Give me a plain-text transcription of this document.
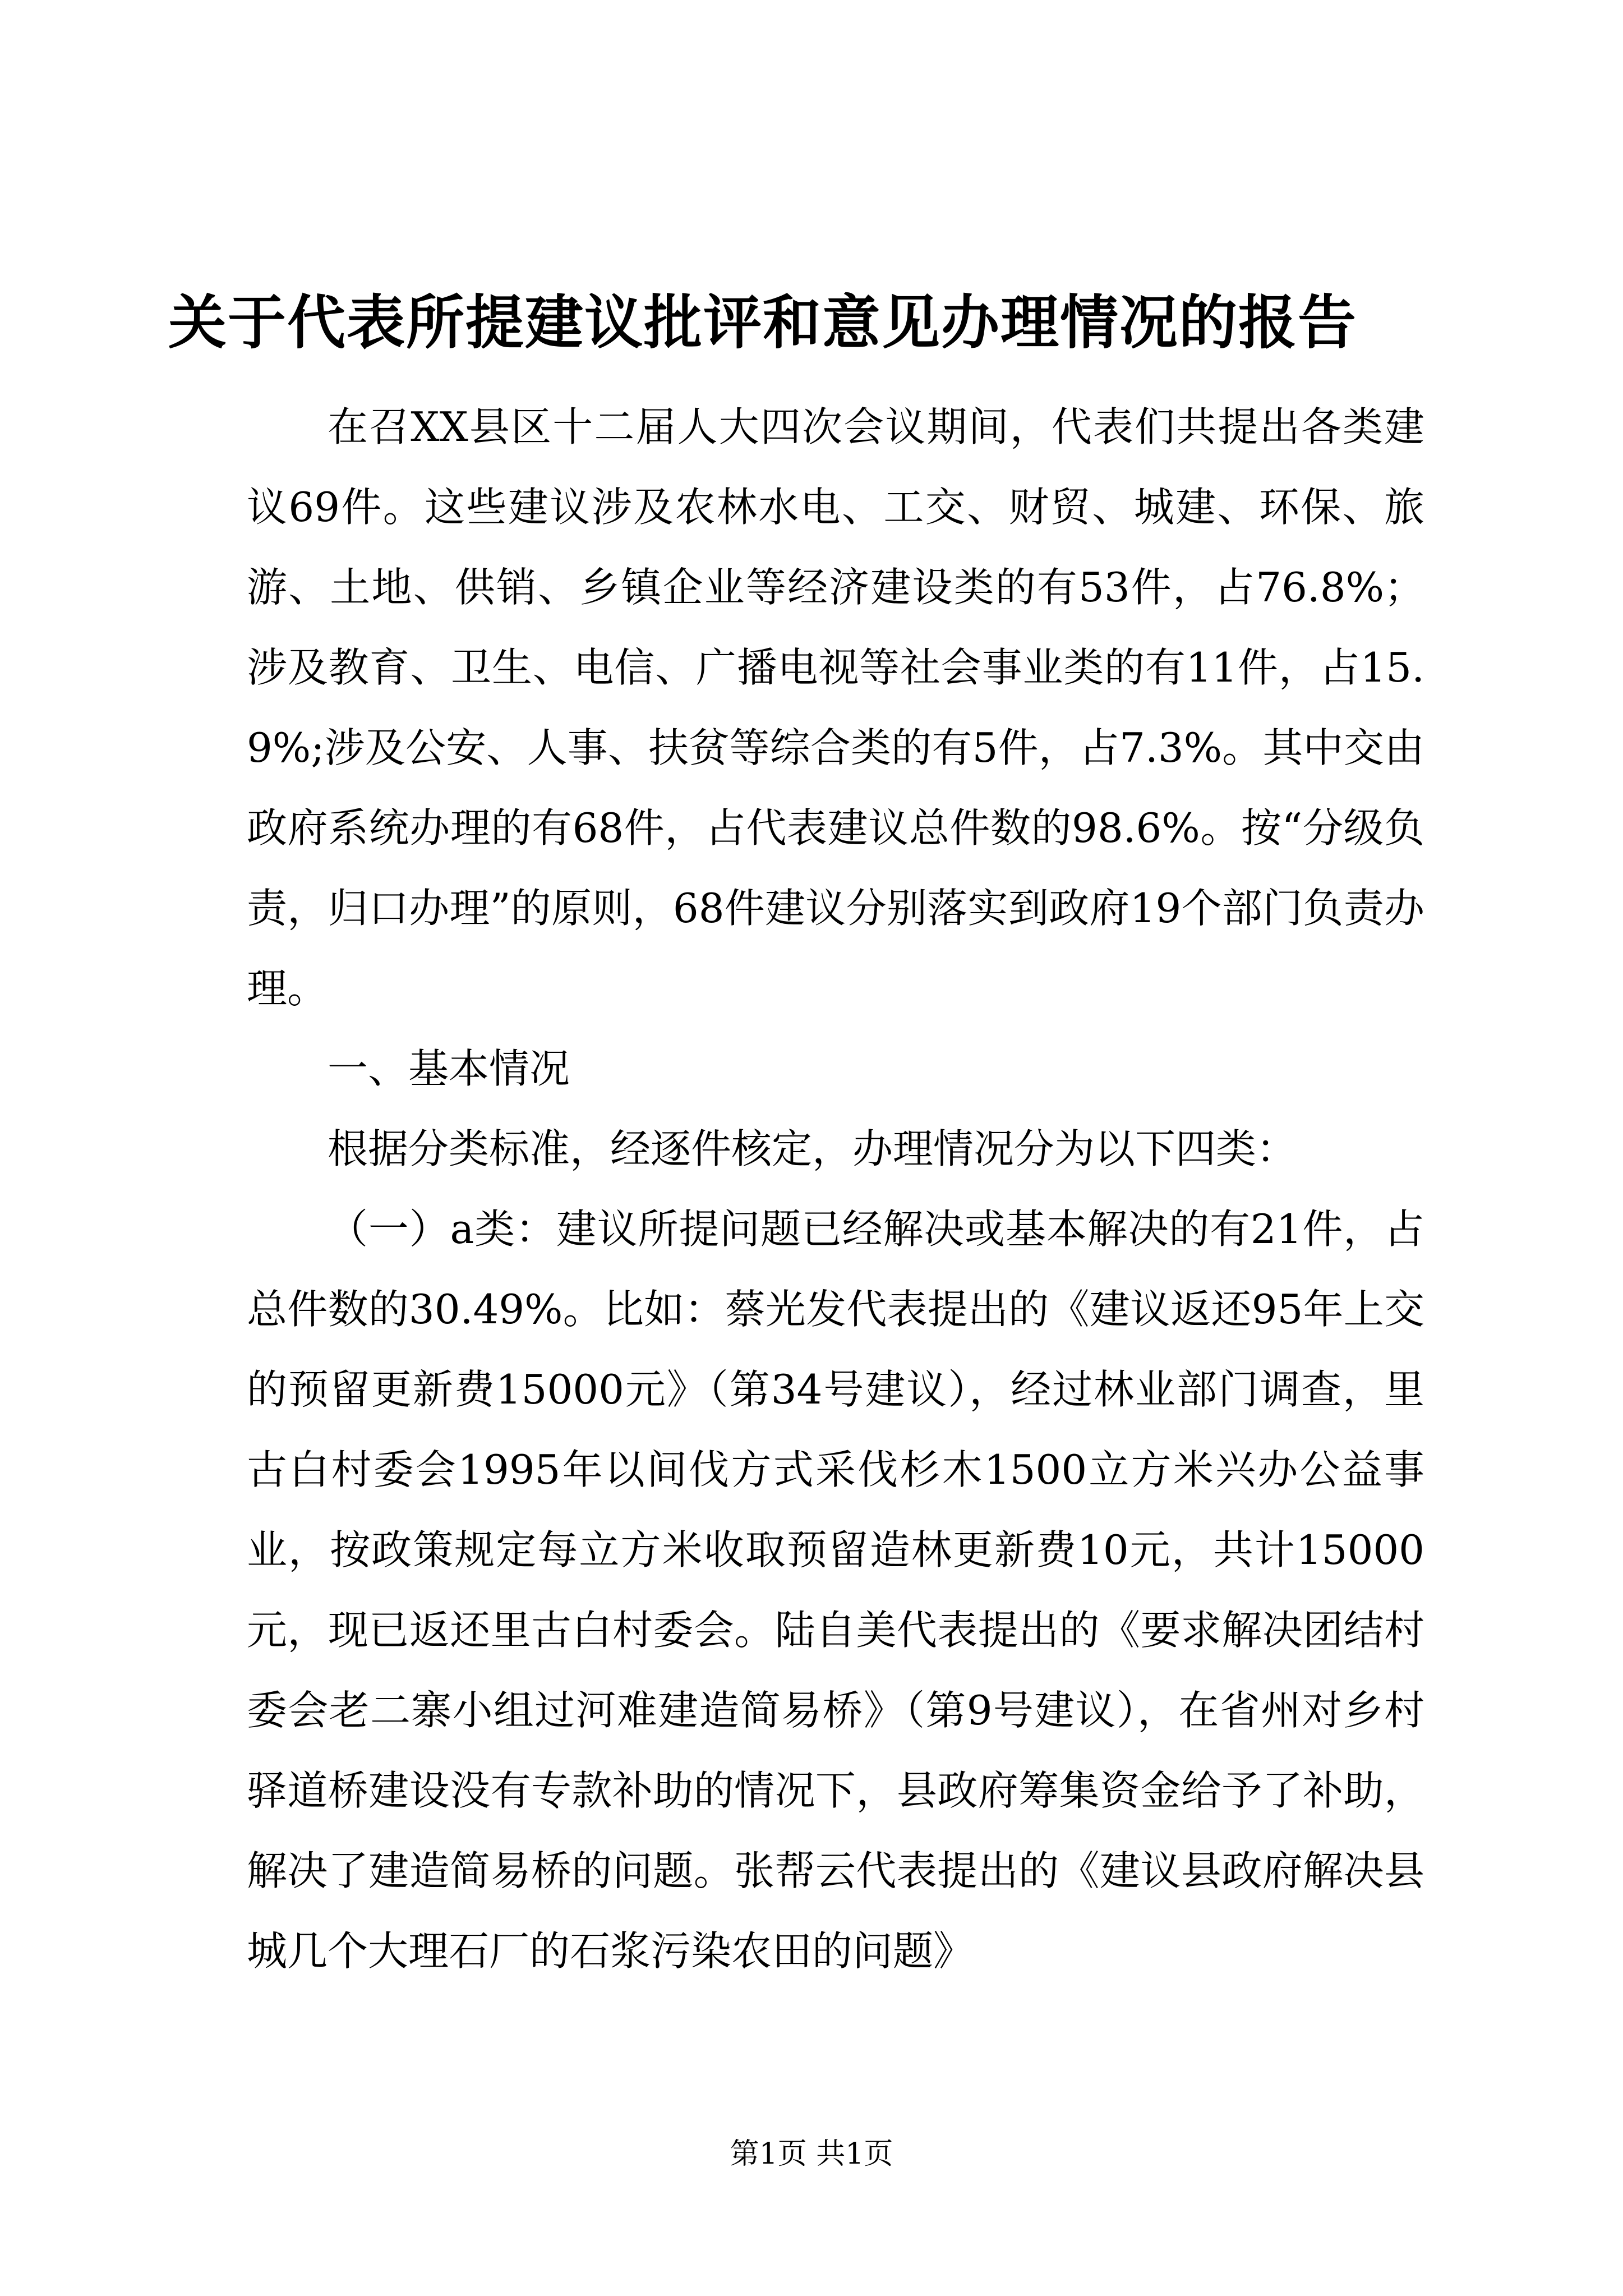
关于代表所提建议批评和意见办理情况的报告

在召XX县区十二届人大四次会议期间，代表们共提出各类建议69件。这些建议涉及农林水电、工交、财贸、城建、环保、旅游、土地、供销、乡镇企业等经济建设类的有53件，占76.8%；涉及教育、卫生、电信、广播电视等社会事业类的有11件，占15.9%;涉及公安、人事、扶贫等综合类的有5件，占7.3%。其中交由政府系统办理的有68件，占代表建议总件数的98.6%。按“分级负责，归口办理”的原则，68件建议分别落实到政府19个部门负责办理。

一、基本情况

根据分类标准，经逐件核定，办理情况分为以下四类：

（一）a类：建议所提问题已经解决或基本解决的有21件，占总件数的30.49%。比如：蔡光发代表提出的《建议返还95年上交的预留更新费15000元》（第34号建议），经过林业部门调查，里古白村委会1995年以间伐方式采伐杉木1500立方米兴办公益事业，按政策规定每立方米收取预留造林更新费10元，共计15000元，现已返还里古白村委会。陆自美代表提出的《要求解决团结村委会老二寨小组过河难建造简易桥》（第9号建议），在省州对乡村驿道桥建设没有专款补助的情况下，县政府筹集资金给予了补助，解决了建造简易桥的问题。张帮云代表提出的《建议县政府解决县城几个大理石厂的石浆污染农田的问题》

第1页 共1页
